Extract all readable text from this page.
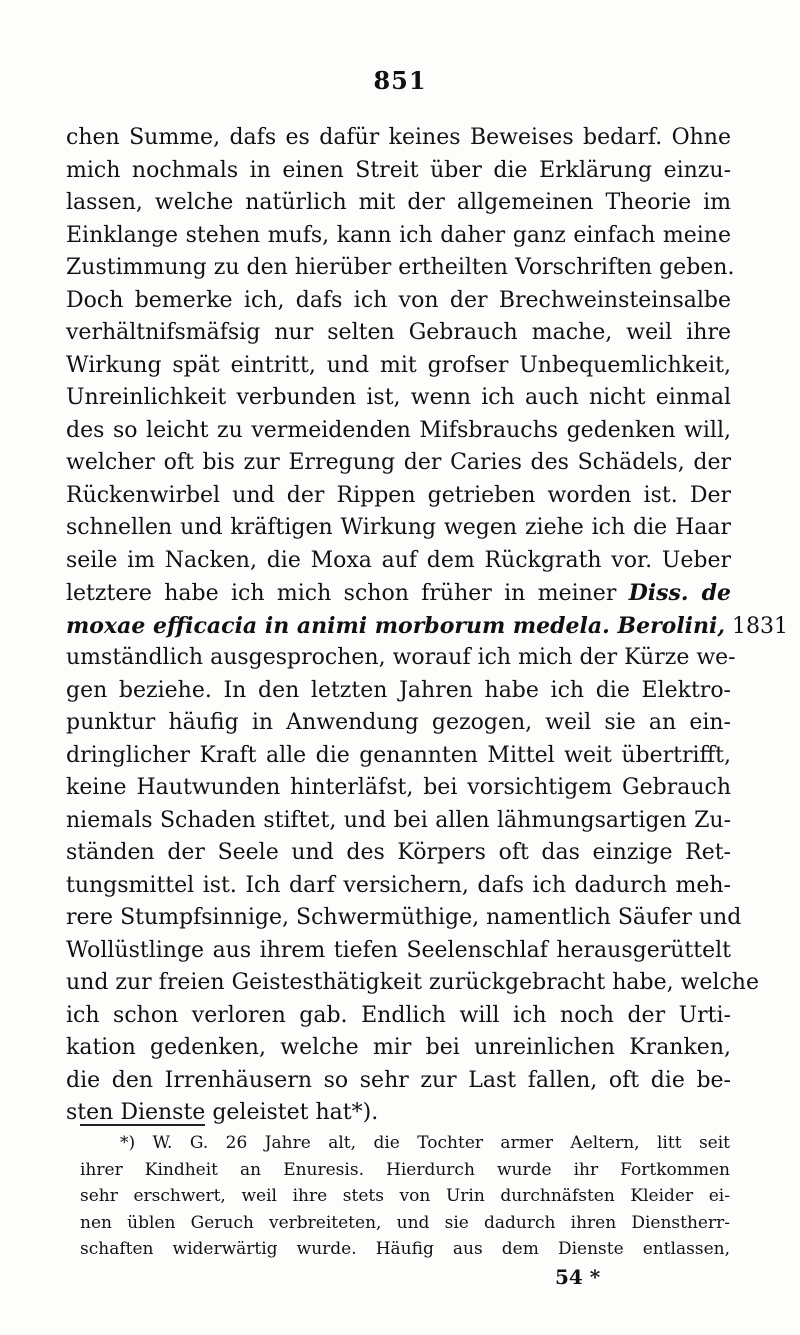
851
chen Summe, dafs es dafür keines Beweises bedarf. Ohne
mich nochmals in einen Streit über die Erklärung einzu-
lassen, welche natürlich mit der allgemeinen Theorie im
Einklange stehen mufs, kann ich daher ganz einfach meine
Zustimmung zu den hierüber ertheilten Vorschriften geben.
Doch bemerke ich, dafs ich von der Brechweinsteinsalbe
verhältnifsmäfsig nur selten Gebrauch mache, weil ihre
Wirkung spät eintritt, und mit grofser Unbequemlichkeit,
Unreinlichkeit verbunden ist, wenn ich auch nicht einmal
des so leicht zu vermeidenden Mifsbrauchs gedenken will,
welcher oft bis zur Erregung der Caries des Schädels, der
Rückenwirbel und der Rippen getrieben worden ist. Der
schnellen und kräftigen Wirkung wegen ziehe ich die Haar
seile im Nacken, die Moxa auf dem Rückgrath vor. Ueber
letztere habe ich mich schon früher in meiner Diss. de
moxae efficacia in animi morborum medela. Berolini, 1831
umständlich ausgesprochen, worauf ich mich der Kürze we-
gen beziehe. In den letzten Jahren habe ich die Elektro-
punktur häufig in Anwendung gezogen, weil sie an ein-
dringlicher Kraft alle die genannten Mittel weit übertrifft,
keine Hautwunden hinterläfst, bei vorsichtigem Gebrauch
niemals Schaden stiftet, und bei allen lähmungsartigen Zu-
ständen der Seele und des Körpers oft das einzige Ret-
tungsmittel ist. Ich darf versichern, dafs ich dadurch meh-
rere Stumpfsinnige, Schwermüthige, namentlich Säufer und
Wollüstlinge aus ihrem tiefen Seelenschlaf herausgerüttelt
und zur freien Geistesthätigkeit zurückgebracht habe, welche
ich schon verloren gab. Endlich will ich noch der Urti-
kation gedenken, welche mir bei unreinlichen Kranken,
die den Irrenhäusern so sehr zur Last fallen, oft die be-
sten Dienste geleistet hat*).
*) W. G. 26 Jahre alt, die Tochter armer Aeltern, litt seit
ihrer Kindheit an Enuresis. Hierdurch wurde ihr Fortkommen
sehr erschwert, weil ihre stets von Urin durchnäfsten Kleider ei-
nen üblen Geruch verbreiteten, und sie dadurch ihren Dienstherr-
schaften widerwärtig wurde. Häufig aus dem Dienste entlassen,
54 *
